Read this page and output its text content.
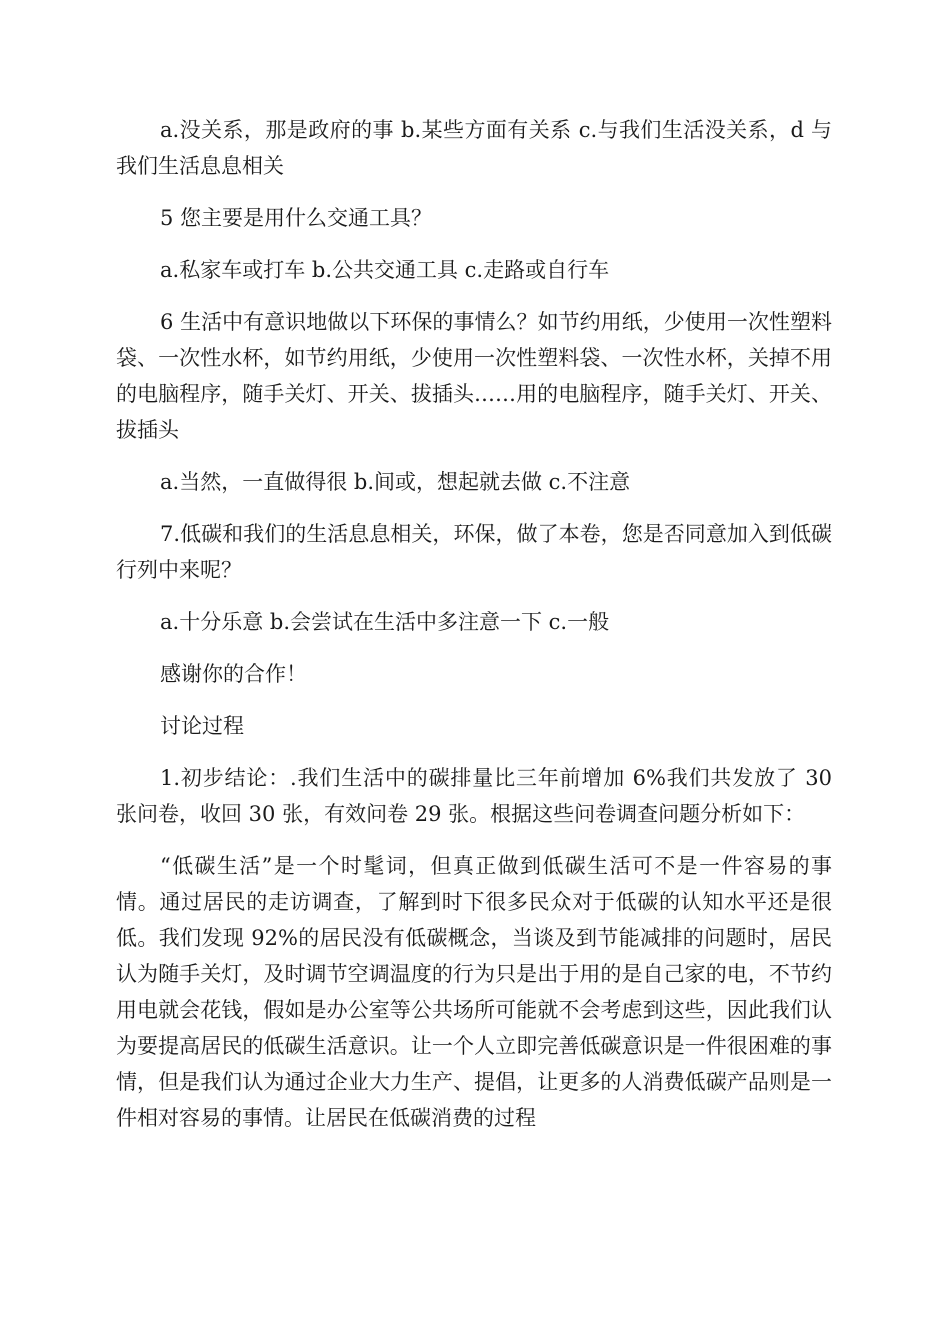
a.没关系，那是政府的事 b.某些方面有关系 c.与我们生活没关系，d 与我们生活息息相关

5 您主要是用什么交通工具？

a.私家车或打车 b.公共交通工具 c.走路或自行车

6 生活中有意识地做以下环保的事情么？如节约用纸，少使用一次性塑料袋、一次性水杯，如节约用纸，少使用一次性塑料袋、一次性水杯，关掉不用的电脑程序，随手关灯、开关、拔插头……用的电脑程序，随手关灯、开关、拔插头

a.当然，一直做得很 b.间或，想起就去做 c.不注意

7.低碳和我们的生活息息相关，环保，做了本卷，您是否同意加入到低碳行列中来呢？

a.十分乐意 b.会尝试在生活中多注意一下 c.一般

感谢你的合作！

讨论过程

1.初步结论：.我们生活中的碳排量比三年前增加 6%我们共发放了 30 张问卷，收回 30 张，有效问卷 29 张。根据这些问卷调查问题分析如下：

“低碳生活”是一个时髦词，但真正做到低碳生活可不是一件容易的事情。通过居民的走访调查，了解到时下很多民众对于低碳的认知水平还是很低。我们发现 92%的居民没有低碳概念，当谈及到节能减排的问题时，居民认为随手关灯，及时调节空调温度的行为只是出于用的是自己家的电，不节约用电就会花钱，假如是办公室等公共场所可能就不会考虑到这些，因此我们认为要提高居民的低碳生活意识。让一个人立即完善低碳意识是一件很困难的事情，但是我们认为通过企业大力生产、提倡，让更多的人消费低碳产品则是一件相对容易的事情。让居民在低碳消费的过程
